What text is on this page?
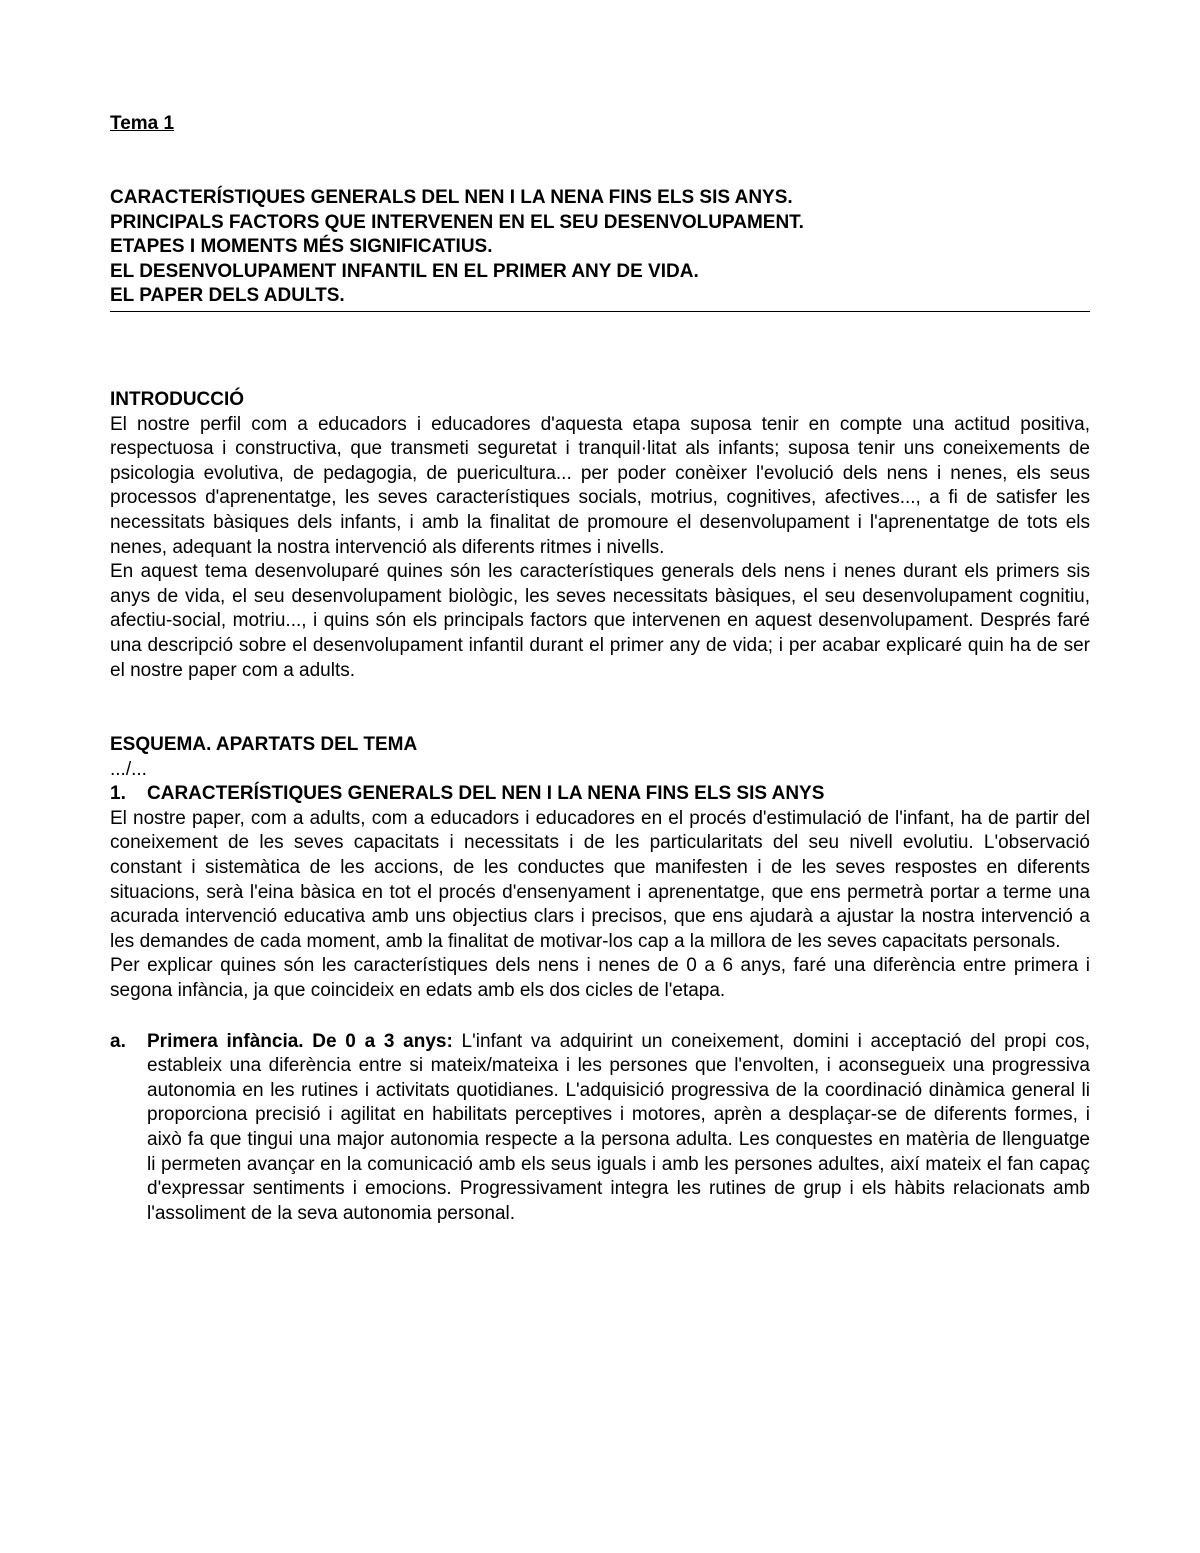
Tema 1

CARACTERÍSTIQUES GENERALS DEL NEN I LA NENA FINS ELS SIS ANYS.

PRINCIPALS FACTORS QUE INTERVENEN EN EL SEU DESENVOLUPAMENT.

ETAPES I MOMENTS MÉS SIGNIFICATIUS.

EL DESENVOLUPAMENT INFANTIL EN EL PRIMER ANY DE VIDA.

EL PAPER DELS ADULTS.

INTRODUCCIÓ

El nostre perfil com a educadors i educadores d'aquesta etapa suposa tenir en compte una actitud positiva, respectuosa i constructiva, que transmeti seguretat i tranquil·litat als infants; suposa tenir uns coneixements de psicologia evolutiva, de pedagogia, de puericultura... per poder conèixer l'evolució dels nens i nenes, els seus processos d'aprenentatge, les seves característiques socials, motrius, cognitives, afectives..., a fi de satisfer les necessitats bàsiques dels infants, i amb la finalitat de promoure el desenvolupament i l'aprenentatge de tots els nenes, adequant la nostra intervenció als diferents ritmes i nivells.

En aquest tema desenvoluparé quines són les característiques generals dels nens i nenes durant els primers sis anys de vida, el seu desenvolupament biològic, les seves necessitats bàsiques, el seu desenvolupament cognitiu, afectiu-social, motriu..., i quins són els principals factors que intervenen en aquest desenvolupament. Després faré una descripció sobre el desenvolupament infantil durant el primer any de vida; i per acabar explicaré quin ha de ser el nostre paper com a adults.

ESQUEMA. APARTATS DEL TEMA

.../...

1.	CARACTERÍSTIQUES GENERALS DEL NEN I LA NENA FINS ELS SIS ANYS

El nostre paper, com a adults, com a educadors i educadores en el procés d'estimulació de l'infant, ha de partir del coneixement de les seves capacitats i necessitats i de les particularitats del seu nivell evolutiu. L'observació constant i sistemàtica de les accions, de les conductes que manifesten i de les seves respostes en diferents situacions, serà l'eina bàsica en tot el procés d'ensenyament i aprenentatge, que ens permetrà portar a terme una acurada intervenció educativa amb uns objectius clars i precisos, que ens ajudarà a ajustar la nostra intervenció a les demandes de cada moment, amb la finalitat de motivar-los cap a la millora de les seves capacitats personals.

Per explicar quines són les característiques dels nens i nenes de 0 a 6 anys, faré una diferència entre primera i segona infància, ja que coincideix en edats amb els dos cicles de l'etapa.

a.	Primera infància. De 0 a 3 anys: L'infant va adquirint un coneixement, domini i acceptació del propi cos, estableix una diferència entre si mateix/mateixa i les persones que l'envolten, i aconsegueix una progressiva autonomia en les rutines i activitats quotidianes. L'adquisició progressiva de la coordinació dinàmica general li proporciona precisió i agilitat en habilitats perceptives i motores, aprèn a desplaçar-se de diferents formes, i això fa que tingui una major autonomia respecte a la persona adulta. Les conquestes en matèria de llenguatge li permeten avançar en la comunicació amb els seus iguals i amb les persones adultes, així mateix el fan capaç d'expressar sentiments i emocions. Progressivament integra les rutines de grup i els hàbits relacionats amb l'assoliment de la seva autonomia personal.
